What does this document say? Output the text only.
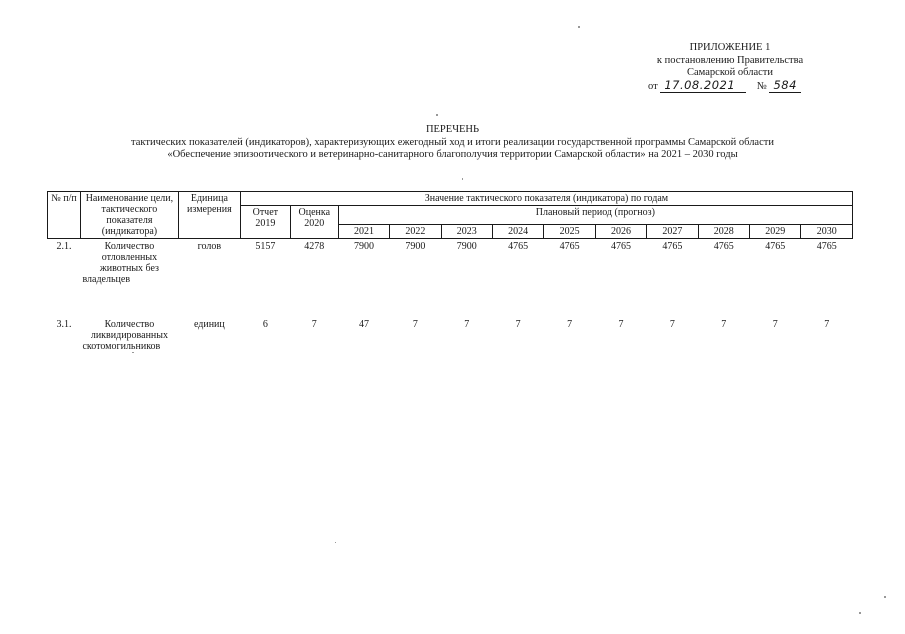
ПРИЛОЖЕНИЕ 1
к постановлению Правительства
Самарской области
от 17.08.2021 № 584
ПЕРЕЧЕНЬ
тактических показателей (индикаторов), характеризующих ежегодный ход и итоги реализации государственной программы Самарской области
«Обеспечение эпизоотического и ветеринарно-санитарного благополучия территории Самарской области» на 2021 – 2030 годы
№ п/п	Наименование цели, тактического показателя (индикатора)	Единица измерения	Значение тактического показателя (индикатора) по годам											
			Отчет 2019	Оценка 2020	Плановый период (прогноз)									
					2021	2022	2023	2024	2025	2026	2027	2028	2029	2030
2.1.	Количество отловленных животных без владельцев	голов	5157	4278	7900	7900	7900	4765	4765	4765	4765	4765	4765	4765

3.1.	Количество ликвидированных скотомогильников	единиц	6	7	47	7	7	7	7	7	7	7	7	7
